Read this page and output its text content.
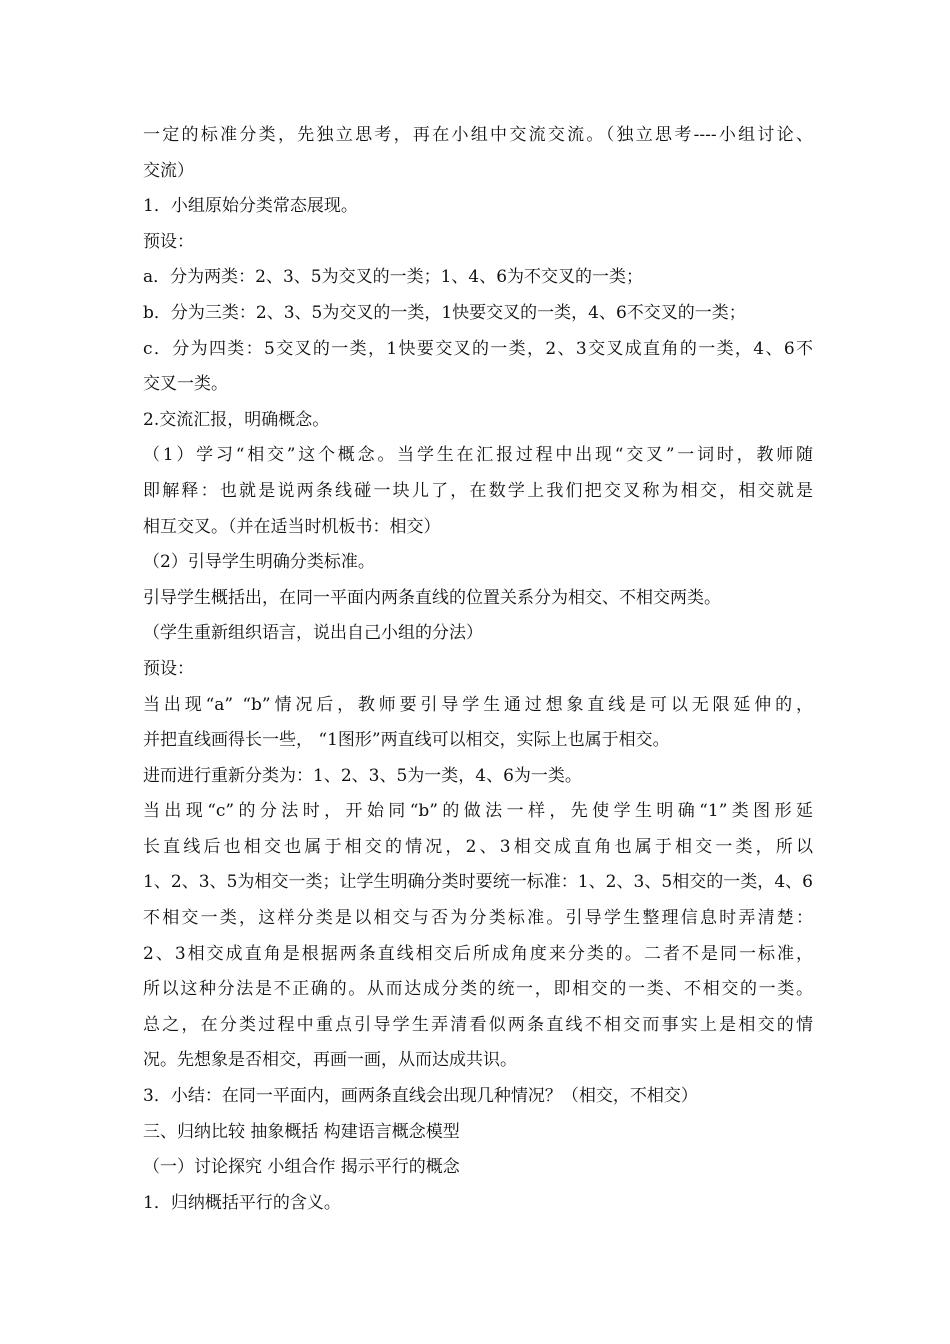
一定的标准分类，先独立思考，再在小组中交流交流。（独立思考----小组讨论、
交流）
1．小组原始分类常态展现。
预设：
a．分为两类：2、3、5为交叉的一类；1、4、6为不交叉的一类；
b．分为三类：2、3、5为交叉的一类，1快要交叉的一类，4、6不交叉的一类；
c．分为四类：5交叉的一类，1快要交叉的一类，2、3交叉成直角的一类，4、6不
交叉一类。
2.交流汇报，明确概念。
（1）学习“相交”这个概念。当学生在汇报过程中出现“交叉”一词时，教师随
即解释：也就是说两条线碰一块儿了，在数学上我们把交叉称为相交，相交就是
相互交叉。（并在适当时机板书：相交）
（2）引导学生明确分类标准。
引导学生概括出，在同一平面内两条直线的位置关系分为相交、不相交两类。
（学生重新组织语言，说出自己小组的分法）
预设：
当出现“a” “b”情况后，教师要引导学生通过想象直线是可以无限延伸的，
并把直线画得长一些， “1图形”两直线可以相交，实际上也属于相交。
进而进行重新分类为：1、2、3、5为一类，4、6为一类。
当出现“c”的分法时，开始同“b”的做法一样，先使学生明确“1”类图形延
长直线后也相交也属于相交的情况，2、3相交成直角也属于相交一类，所以
1、2、3、5为相交一类；让学生明确分类时要统一标准：1、2、3、5相交的一类，4、6
不相交一类，这样分类是以相交与否为分类标准。引导学生整理信息时弄清楚：
2、3相交成直角是根据两条直线相交后所成角度来分类的。二者不是同一标准，
所以这种分法是不正确的。从而达成分类的统一，即相交的一类、不相交的一类。
总之，在分类过程中重点引导学生弄清看似两条直线不相交而事实上是相交的情
况。先想象是否相交，再画一画，从而达成共识。
3．小结：在同一平面内，画两条直线会出现几种情况？（相交，不相交）
三、归纳比较 抽象概括 构建语言概念模型
（一）讨论探究 小组合作 揭示平行的概念
1．归纳概括平行的含义。
